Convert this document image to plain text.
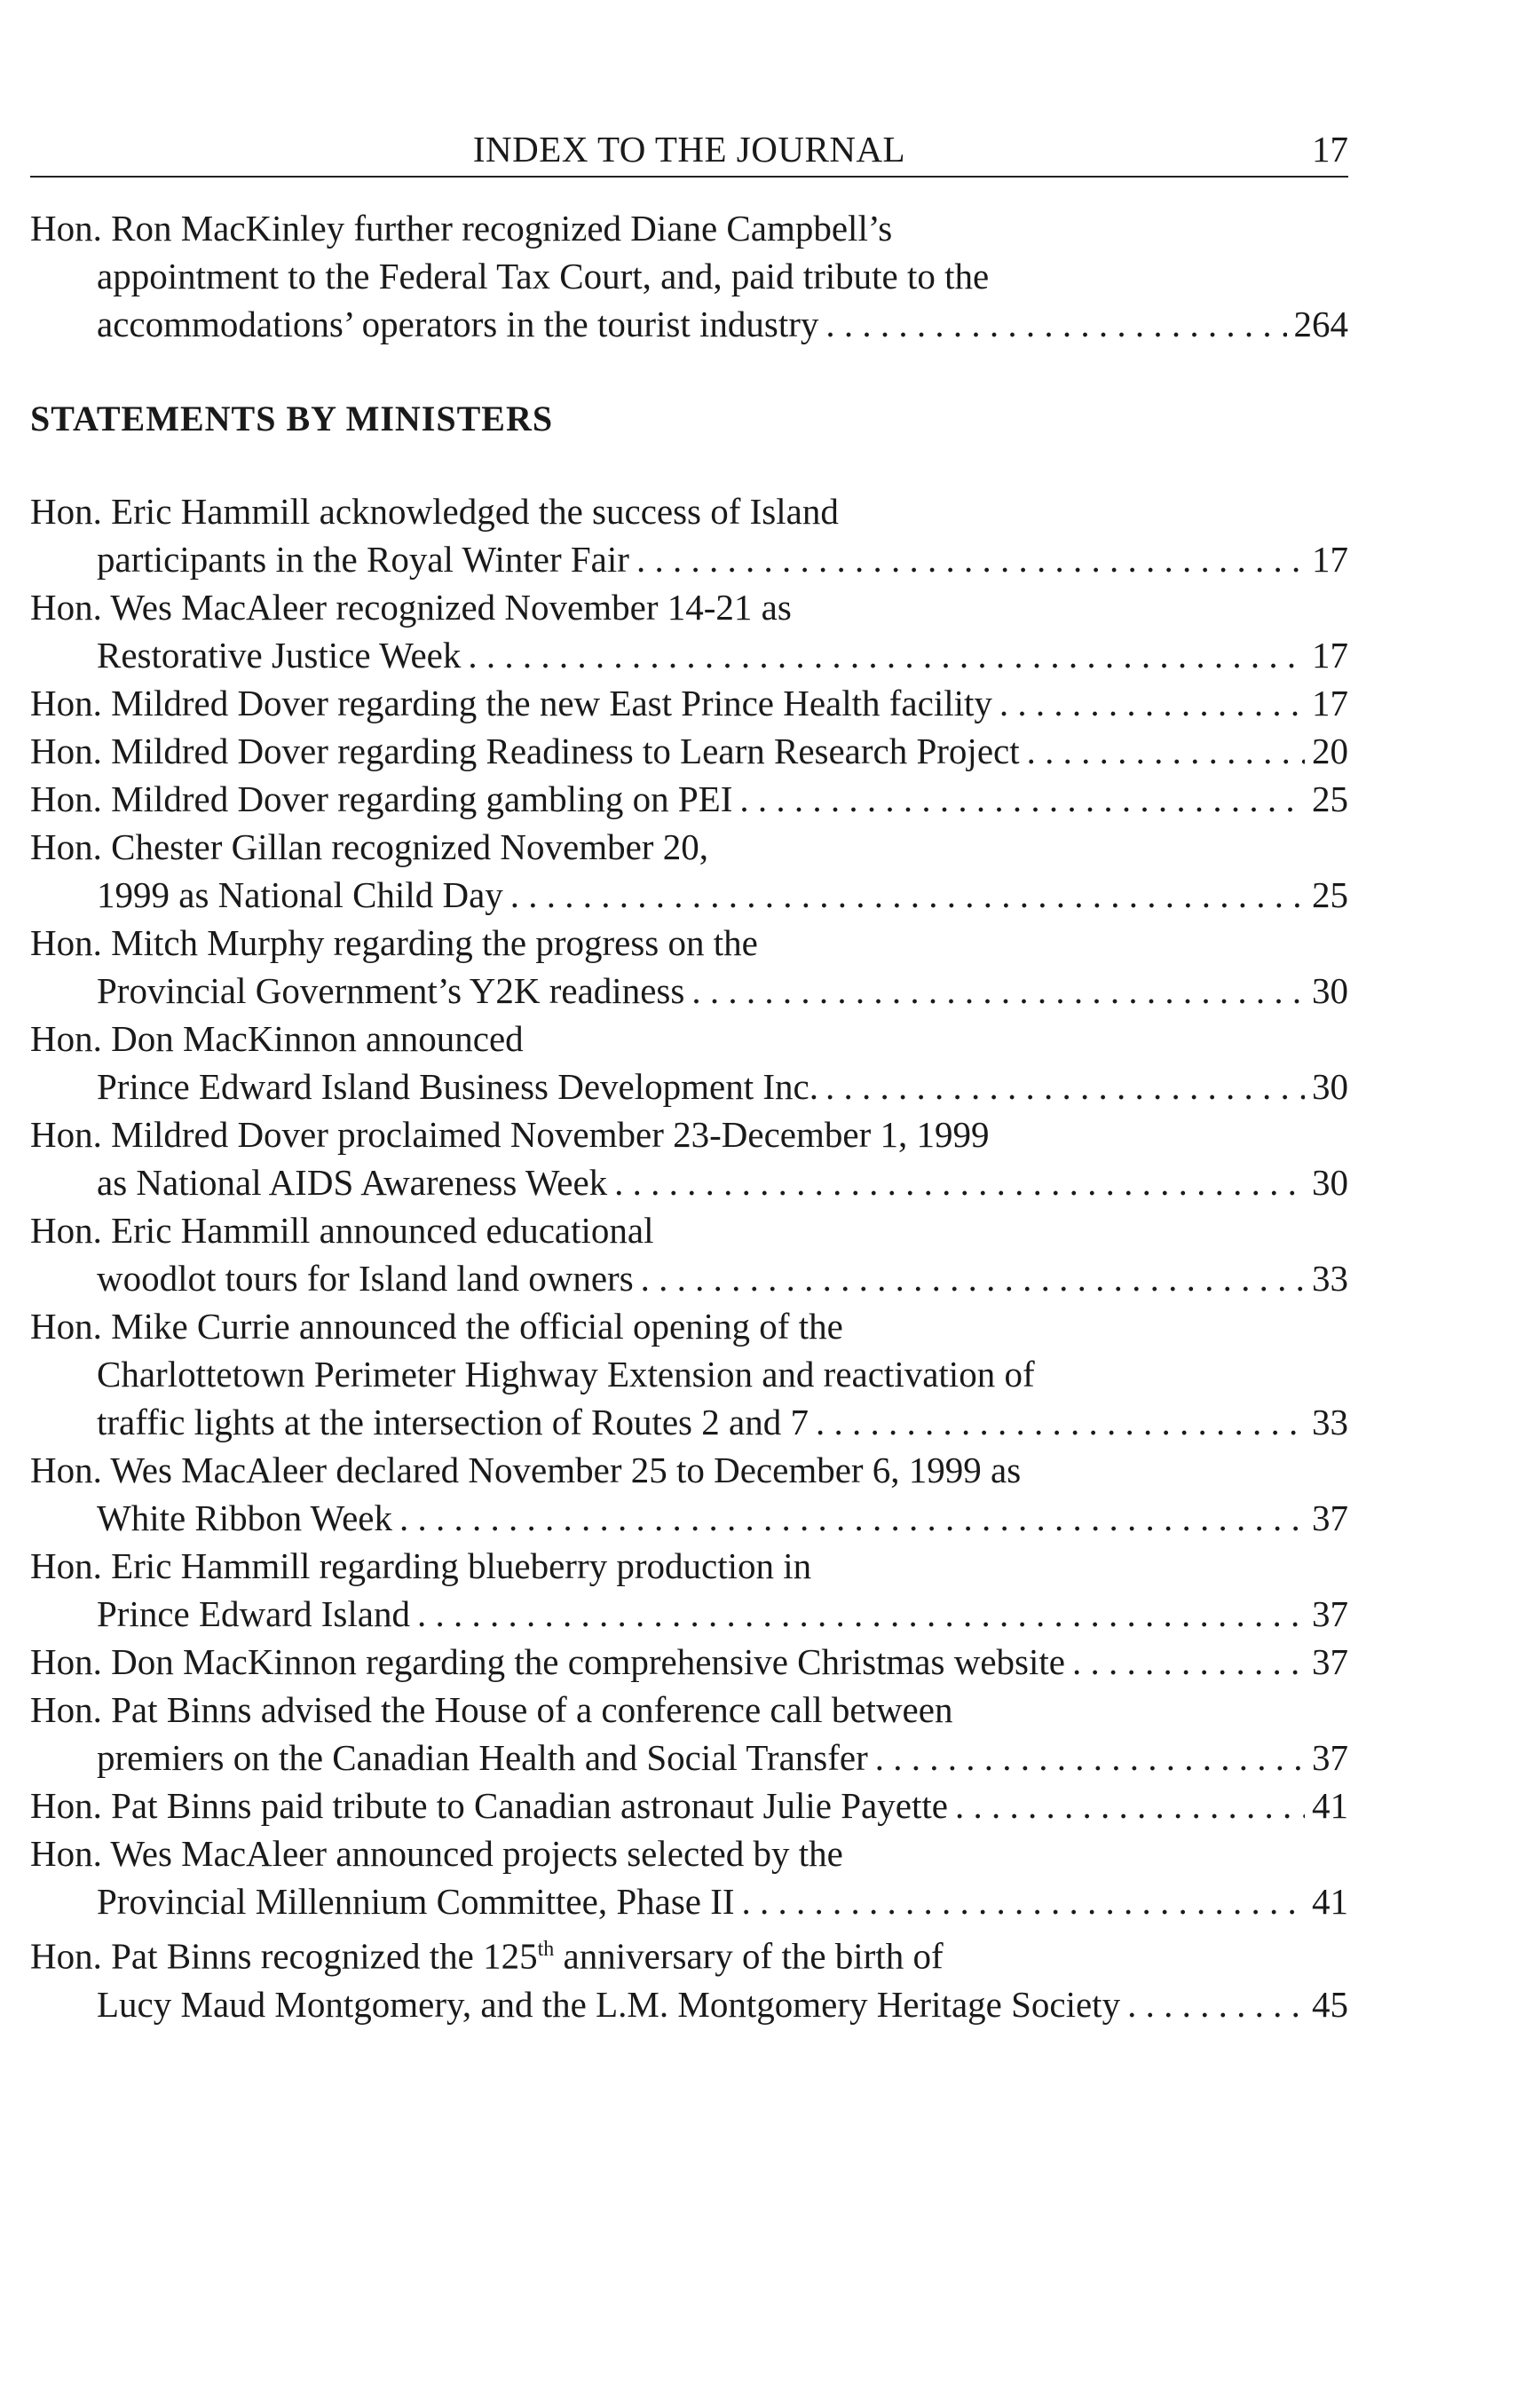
INDEX TO THE JOURNAL	17
Hon. Ron MacKinley further recognized Diane Campbell’s
appointment to the Federal Tax Court, and, paid tribute to the
accommodations’ operators in the tourist industry . . .	264
STATEMENTS BY MINISTERS
Hon. Eric Hammill acknowledged the success of Island
participants in the Royal Winter Fair . . .	17
Hon. Wes MacAleer recognized November 14-21 as
Restorative Justice Week . . .	17
Hon. Mildred Dover regarding the new East Prince Health facility . . .	17
Hon. Mildred Dover regarding Readiness to Learn Research Project . . .	20
Hon. Mildred Dover regarding gambling on PEI . . .	25
Hon. Chester Gillan recognized November 20,
1999 as National Child Day . . .	25
Hon. Mitch Murphy regarding the progress on the
Provincial Government’s Y2K readiness . . .	30
Hon. Don MacKinnon announced
Prince Edward Island Business Development Inc. . . .	30
Hon. Mildred Dover proclaimed November 23-December 1, 1999
as National AIDS Awareness Week . . .	30
Hon. Eric Hammill announced educational
woodlot tours for Island land owners . . .	33
Hon. Mike Currie announced the official opening of the
Charlottetown Perimeter Highway Extension and reactivation of
traffic lights at the intersection of Routes 2 and 7 . . .	33
Hon. Wes MacAleer declared November 25 to December 6, 1999 as
White Ribbon Week . . .	37
Hon. Eric Hammill regarding blueberry production in
Prince Edward Island . . .	37
Hon. Don MacKinnon regarding the comprehensive Christmas website . . .	37
Hon. Pat Binns advised the House of a conference call between
premiers on the Canadian Health and Social Transfer . . .	37
Hon. Pat Binns paid tribute to Canadian astronaut Julie Payette . . .	41
Hon. Wes MacAleer announced projects selected by the
Provincial Millennium Committee, Phase II . . .	41
Hon. Pat Binns recognized the 125th anniversary of the birth of
Lucy Maud Montgomery, and the L.M. Montgomery Heritage Society . . .	45
